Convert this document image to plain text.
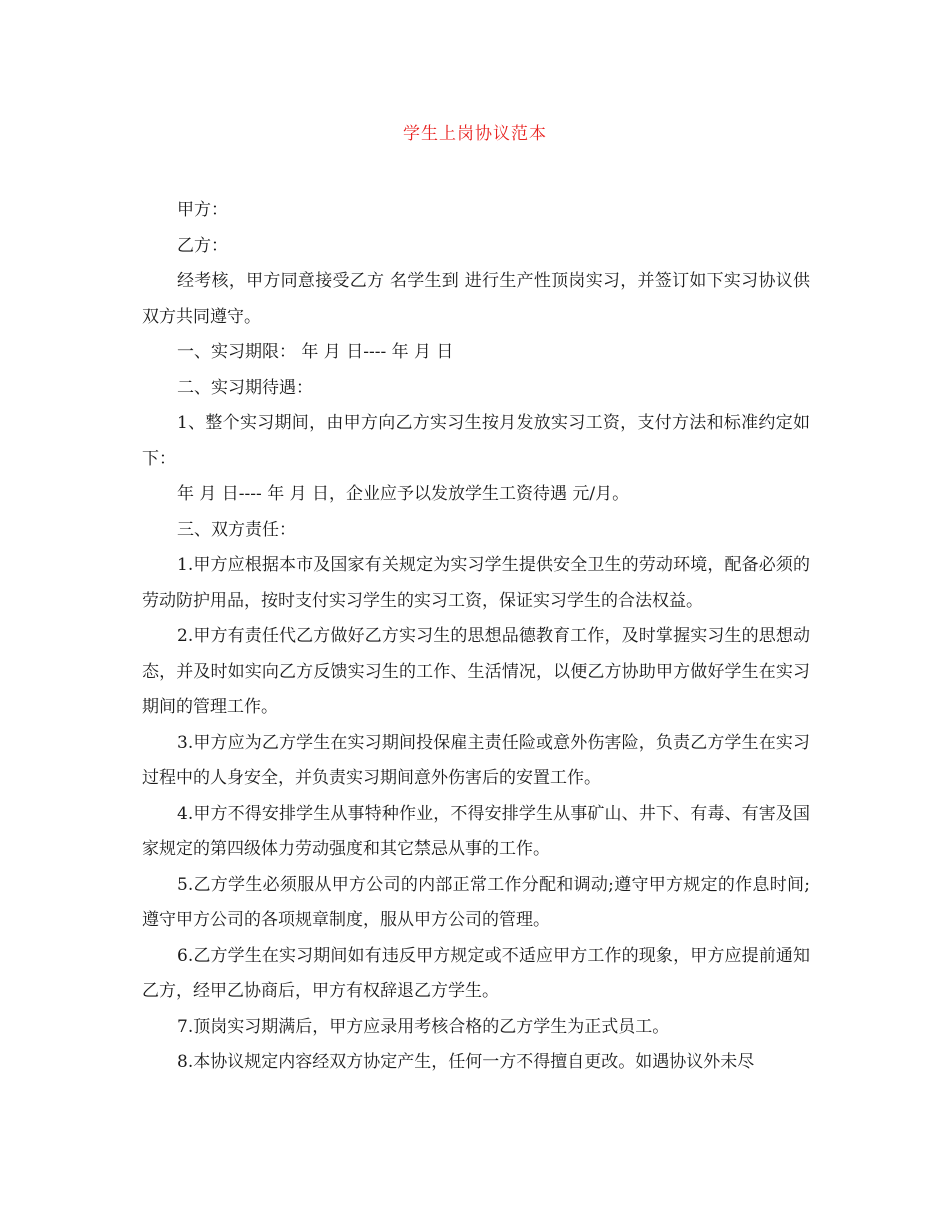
学生上岗协议范本

甲方：

乙方：

经考核，甲方同意接受乙方 名学生到 进行生产性顶岗实习，并签订如下实习协议供双方共同遵守。

一、实习期限： 年 月 日---- 年 月 日

二、实习期待遇：

1、整个实习期间，由甲方向乙方实习生按月发放实习工资，支付方法和标准约定如下：

年 月 日---- 年 月 日，企业应予以发放学生工资待遇 元/月。

三、双方责任：

1.甲方应根据本市及国家有关规定为实习学生提供安全卫生的劳动环境，配备必须的劳动防护用品，按时支付实习学生的实习工资，保证实习学生的合法权益。

2.甲方有责任代乙方做好乙方实习生的思想品德教育工作，及时掌握实习生的思想动态，并及时如实向乙方反馈实习生的工作、生活情况，以便乙方协助甲方做好学生在实习期间的管理工作。

3.甲方应为乙方学生在实习期间投保雇主责任险或意外伤害险，负责乙方学生在实习过程中的人身安全，并负责实习期间意外伤害后的安置工作。

4.甲方不得安排学生从事特种作业，不得安排学生从事矿山、井下、有毒、有害及国家规定的第四级体力劳动强度和其它禁忌从事的工作。

5.乙方学生必须服从甲方公司的内部正常工作分配和调动;遵守甲方规定的作息时间;遵守甲方公司的各项规章制度，服从甲方公司的管理。

6.乙方学生在实习期间如有违反甲方规定或不适应甲方工作的现象，甲方应提前通知乙方，经甲乙协商后，甲方有权辞退乙方学生。

7.顶岗实习期满后，甲方应录用考核合格的乙方学生为正式员工。

8.本协议规定内容经双方协定产生，任何一方不得擅自更改。如遇协议外未尽
